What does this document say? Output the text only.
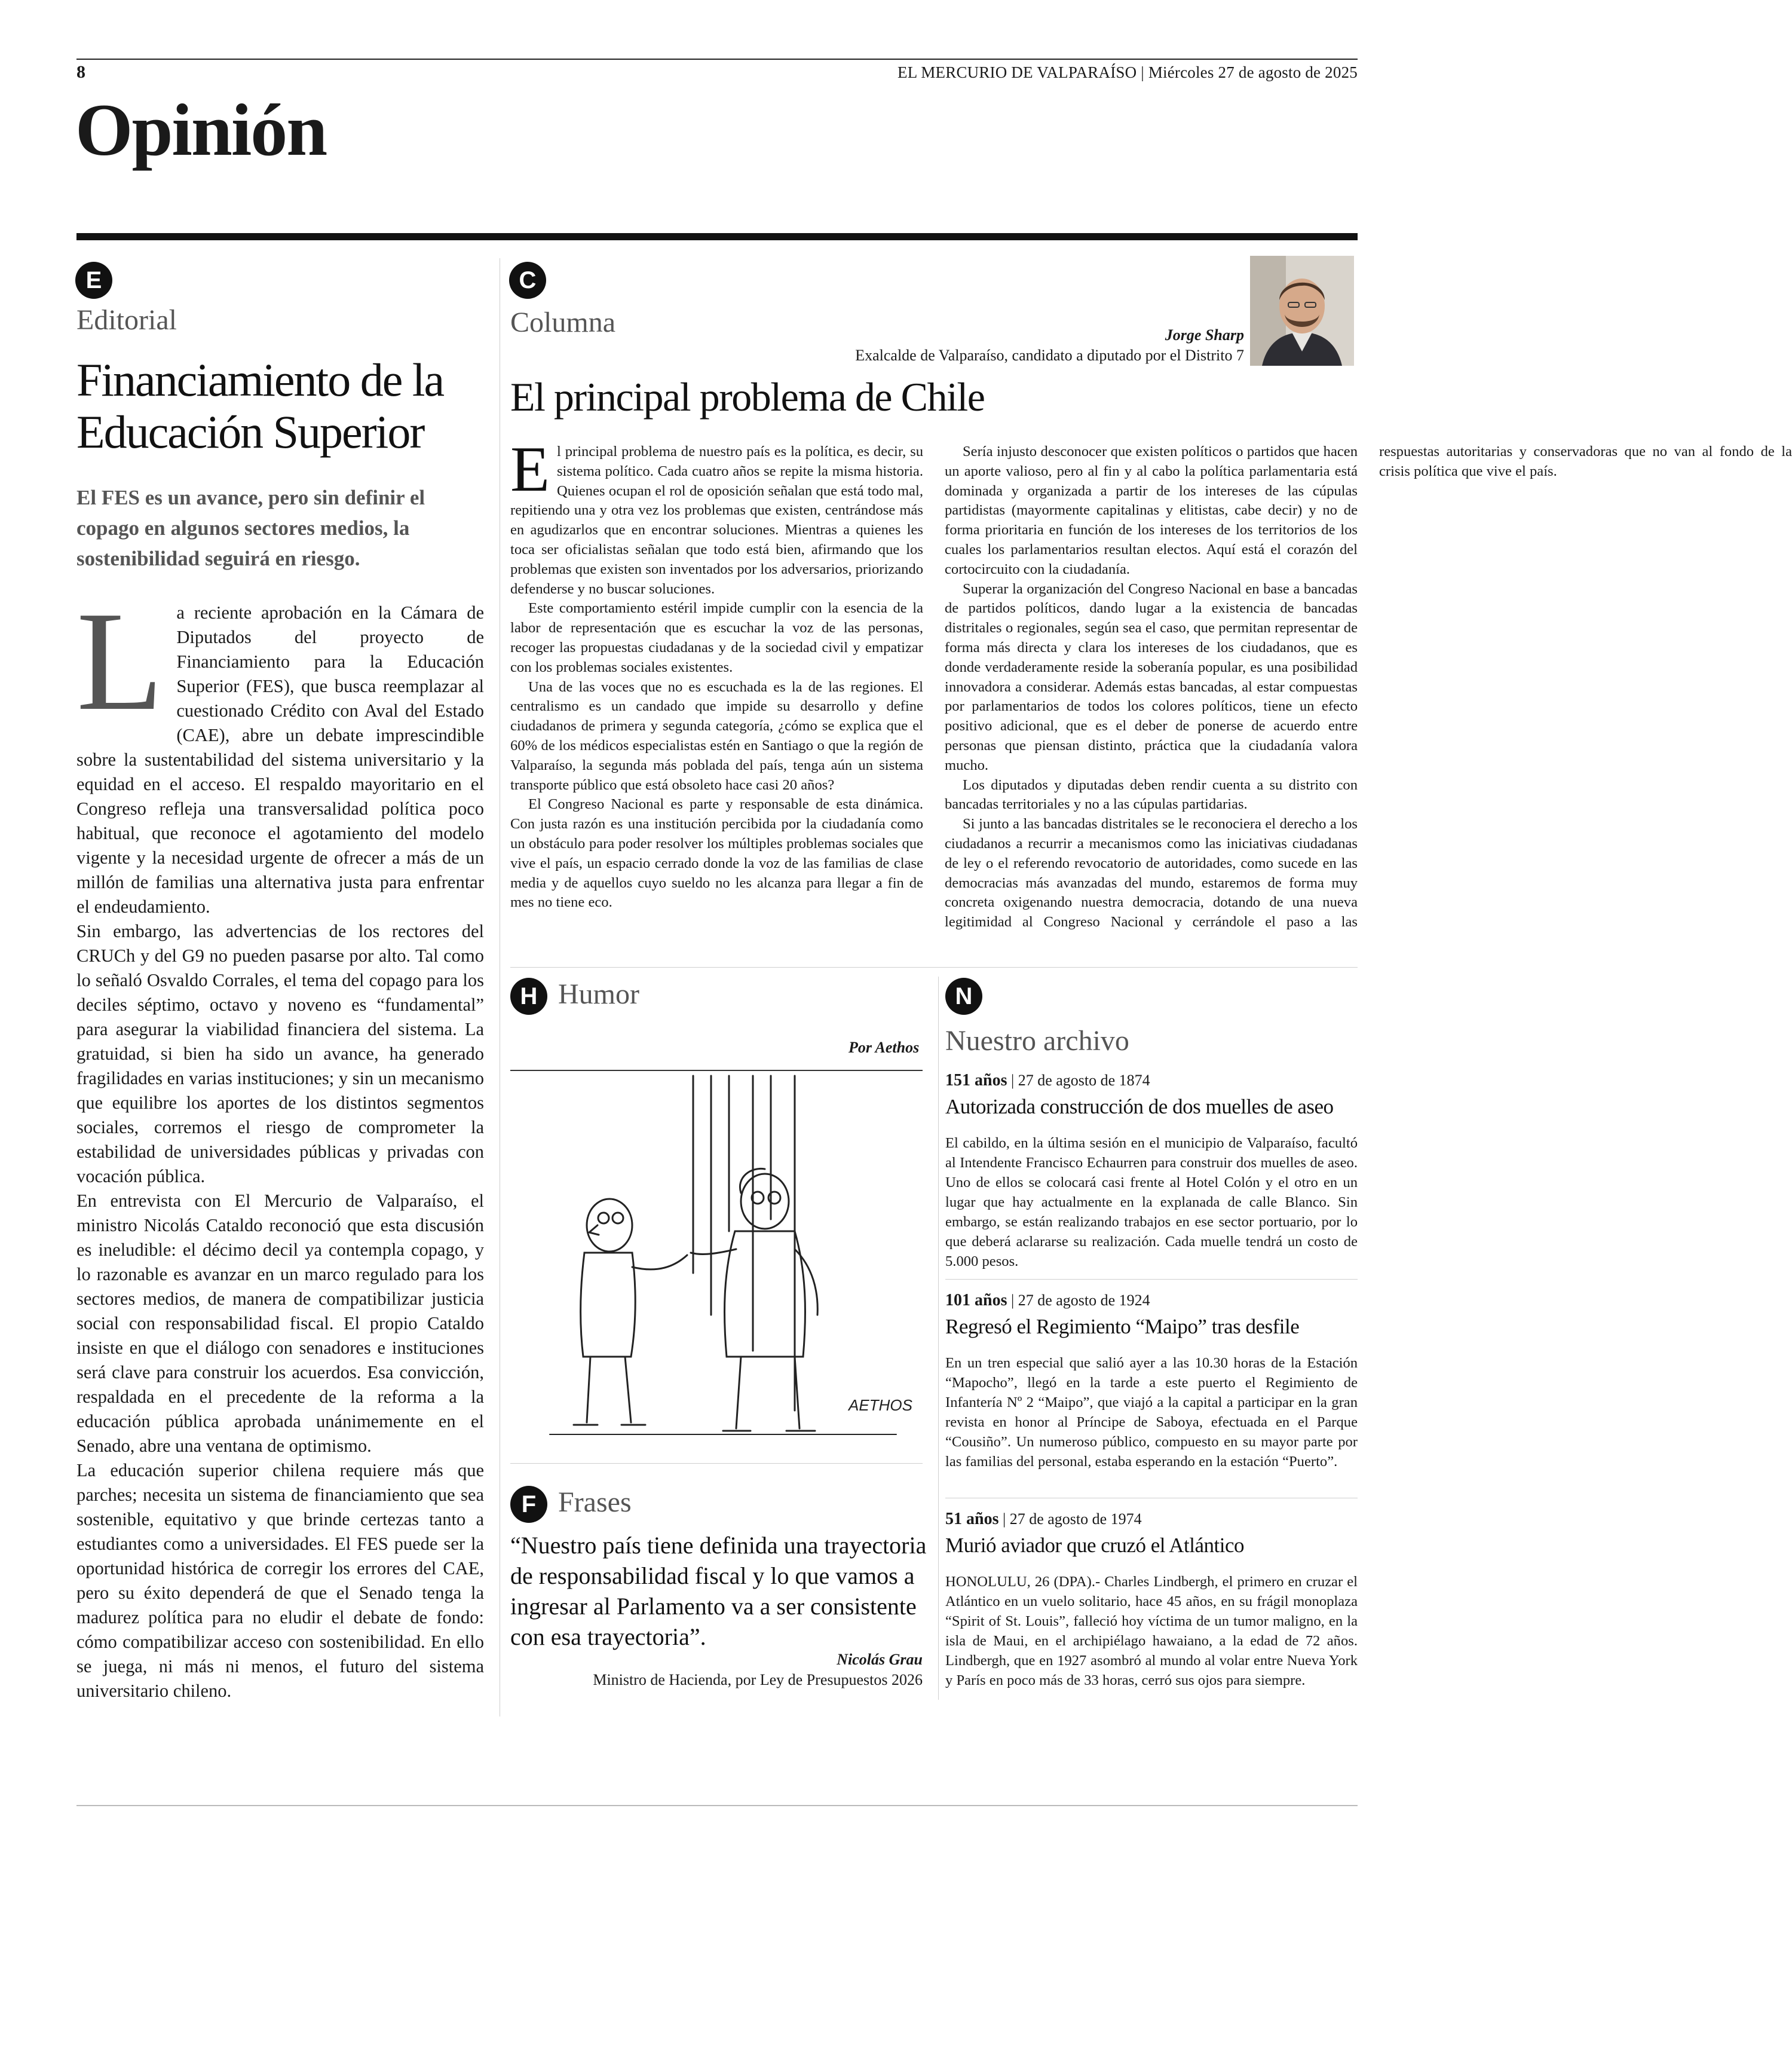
8	EL MERCURIO DE VALPARAÍSO | Miércoles 27 de agosto de 2025
Opinión
E
Editorial
Financiamiento de la
Educación Superior
El FES es un avance, pero sin definir el copago en algunos sectores medios, la sostenibilidad seguirá en riesgo.
L a reciente aprobación en la Cámara de Diputados del proyecto de Financiamiento para la Educación Superior (FES), que busca reemplazar al cuestionado Crédito con Aval del Estado (CAE), abre un debate imprescindible sobre la sustentabilidad del sistema universitario y la equidad en el acceso. El respaldo mayoritario en el Congreso refleja una transversalidad política poco habitual, que reconoce el agotamiento del modelo vigente y la necesidad urgente de ofrecer a más de un millón de familias una alternativa justa para enfrentar el endeudamiento.

Sin embargo, las advertencias de los rectores del CRUCh y del G9 no pueden pasarse por alto. Tal como lo señaló Osvaldo Corrales, el tema del copago para los deciles séptimo, octavo y noveno es “fundamental” para asegurar la viabilidad financiera del sistema. La gratuidad, si bien ha sido un avance, ha generado fragilidades en varias instituciones; y sin un mecanismo que equilibre los aportes de los distintos segmentos sociales, corremos el riesgo de comprometer la estabilidad de universidades públicas y privadas con vocación pública.

En entrevista con El Mercurio de Valparaíso, el ministro Nicolás Cataldo reconoció que esta discusión es ineludible: el décimo decil ya contempla copago, y lo razonable es avanzar en un marco regulado para los sectores medios, de manera de compatibilizar justicia social con responsabilidad fiscal. El propio Cataldo insiste en que el diálogo con senadores e instituciones será clave para construir los acuerdos. Esa convicción, respaldada en el precedente de la reforma a la educación pública aprobada unánimemente en el Senado, abre una ventana de optimismo.

La educación superior chilena requiere más que parches; necesita un sistema de financiamiento que sea sostenible, equitativo y que brinde certezas tanto a estudiantes como a universidades. El FES puede ser la oportunidad histórica de corregir los errores del CAE, pero su éxito dependerá de que el Senado tenga la madurez política para no eludir el debate de fondo: cómo compatibilizar acceso con sostenibilidad. En ello se juega, ni más ni menos, el futuro del sistema universitario chileno.

C
Columna	Jorge Sharp
Exalcalde de Valparaíso, candidato a diputado por el Distrito 7
El principal problema de Chile
E l principal problema de nuestro país es la política, es decir, su sistema político. Cada cuatro años se repite la misma historia. Quienes ocupan el rol de oposición señalan que está todo mal, repitiendo una y otra vez los problemas que existen, centrándose más en agudizarlos que en encontrar soluciones. Mientras a quienes les toca ser oficialistas señalan que todo está bien, afirmando que los problemas que existen son inventados por los adversarios, priorizando defenderse y no buscar soluciones.

Este comportamiento estéril impide cumplir con la esencia de la labor de representación que es escuchar la voz de las personas, recoger las propuestas ciudadanas y de la sociedad civil y empatizar con los problemas sociales existentes.

Una de las voces que no es escuchada es la de las regiones. El centralismo es un candado que impide su desarrollo y define ciudadanos de primera y segunda categoría, ¿cómo se explica que el 60% de los médicos especialistas estén en Santiago o que la región de Valparaíso, la segunda más poblada del país, tenga aún un sistema transporte público que está obsoleto hace casi 20 años?

El Congreso Nacional es parte y responsable de esta dinámica. Con justa razón es una institución percibida por la ciudadanía como un obstáculo para poder resolver los múltiples problemas sociales que vive el país, un espacio cerrado donde la voz de las familias de clase media y de aquellos cuyo sueldo no les alcanza para llegar a fin de mes no tiene eco.

Sería injusto desconocer que existen políticos o partidos que hacen un aporte valioso, pero al fin y al cabo la política parlamentaria está dominada y organizada a partir de los intereses de las cúpulas partidistas (mayormente capitalinas y elitistas, cabe decir) y no de forma prioritaria en función de los intereses de los territorios de los cuales los parlamentarios resultan electos. Aquí está el corazón del cortocircuito con la ciudadanía.

Superar la organización del Congreso Nacional en base a bancadas de partidos políticos, dando lugar a la existencia de bancadas distritales o regionales, según sea el caso, que permitan representar de forma más directa y clara los intereses de los ciudadanos, que es donde verdaderamente reside la soberanía popular, es una posibilidad innovadora a considerar. Además estas bancadas, al estar compuestas por parlamentarios de todos los colores políticos, tiene un efecto positivo adicional, que es el deber de ponerse de acuerdo entre personas que piensan distinto, práctica que la ciudadanía valora mucho.

Los diputados y diputadas deben rendir cuenta a su distrito con bancadas territoriales y no a las cúpulas partidarias.

Si junto a las bancadas distritales se le reconociera el derecho a los ciudadanos a recurrir a mecanismos como las iniciativas ciudadanas de ley o el referendo revocatorio de autoridades, como sucede en las democracias más avanzadas del mundo, estaremos de forma muy concreta oxigenando nuestra democracia, dotando de una nueva legitimidad al Congreso Nacional y cerrándole el paso a las respuestas autoritarias y conservadoras que no van al fondo de la crisis política que vive el país.

H Humor
Por Aethos
AETHOS
F Frases
“Nuestro país tiene definida una trayectoria de responsabilidad fiscal y lo que vamos a ingresar al Parlamento va a ser consistente con esa trayectoria”.
Nicolás Grau
Ministro de Hacienda, por Ley de Presupuestos 2026
N
Nuestro archivo
151 años | 27 de agosto de 1874
Autorizada construcción de dos muelles de aseo
El cabildo, en la última sesión en el municipio de Valparaíso, facultó al Intendente Francisco Echaurren para construir dos muelles de aseo. Uno de ellos se colocará casi frente al Hotel Colón y el otro en un lugar que hay actualmente en la explanada de calle Blanco. Sin embargo, se están realizando trabajos en ese sector portuario, por lo que deberá aclararse su realización. Cada muelle tendrá un costo de 5.000 pesos.
101 años | 27 de agosto de 1924
Regresó el Regimiento “Maipo” tras desfile
En un tren especial que salió ayer a las 10.30 horas de la Estación “Mapocho”, llegó en la tarde a este puerto el Regimiento de Infantería Nº 2 “Maipo”, que viajó a la capital a participar en la gran revista en honor al Príncipe de Saboya, efectuada en el Parque “Cousiño”. Un numeroso público, compuesto en su mayor parte por las familias del personal, estaba esperando en la estación “Puerto”.
51 años | 27 de agosto de 1974
Murió aviador que cruzó el Atlántico
HONOLULU, 26 (DPA).- Charles Lindbergh, el primero en cruzar el Atlántico en un vuelo solitario, hace 45 años, en su frágil monoplaza “Spirit of St. Louis”, falleció hoy víctima de un tumor maligno, en la isla de Maui, en el archipiélago hawaiano, a la edad de 72 años. Lindbergh, que en 1927 asombró al mundo al volar entre Nueva York y París en poco más de 33 horas, cerró sus ojos para siempre.
